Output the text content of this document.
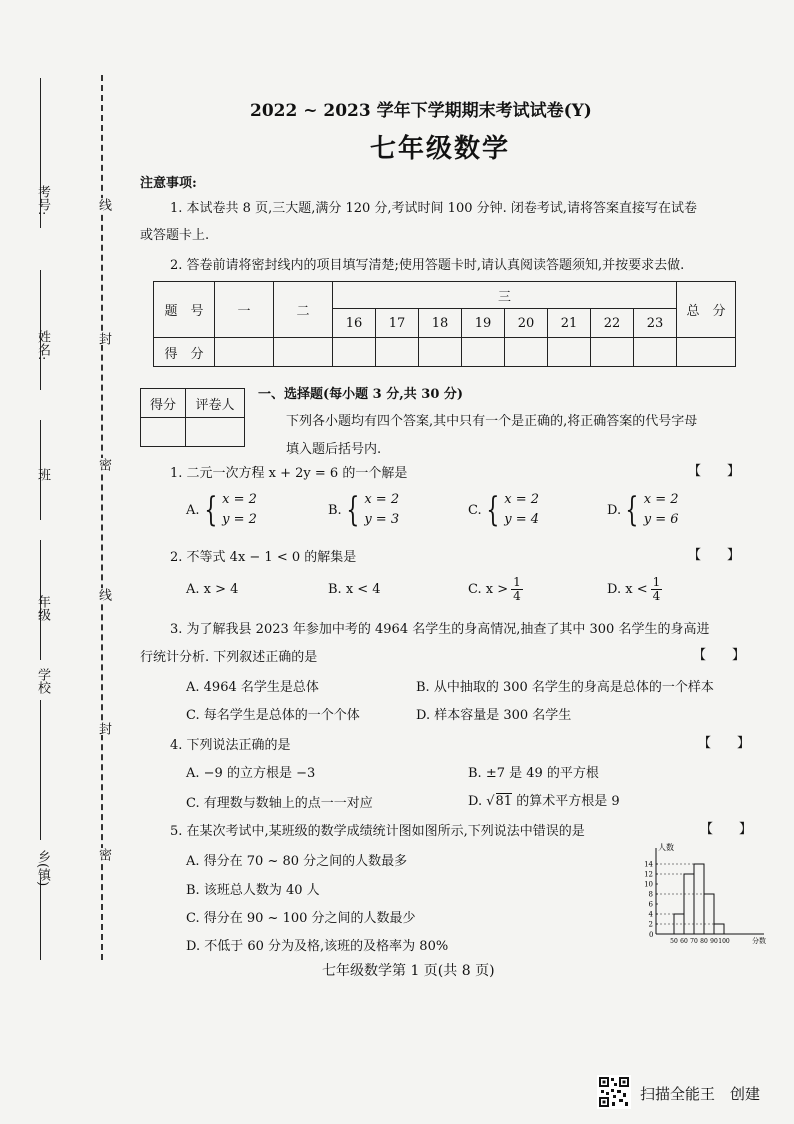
考号:
姓名:
班
年级
学校
乡(镇)
线
封
密
线
封
密
2022 ~ 2023 学年下学期期末考试试卷(Y)
七年级数学
注意事项:
1. 本试卷共 8 页,三大题,满分 120 分,考试时间 100 分钟. 闭卷考试,请将答案直接写在试卷
或答题卡上.
2. 答卷前请将密封线内的项目填写清楚;使用答题卡时,请认真阅读答题须知,并按要求去做.
题　号	一	二	三								总　分
			16	17	18	19	20	21	22	23	
得　分											
得分	评卷人

一、选择题(每小题 3 分,共 30 分)
下列各小题均有四个答案,其中只有一个是正确的,将正确答案的代号字母
填入题后括号内.
1. 二元一次方程 x + 2y = 6 的一个解是	【　　】
A. { x = 2
y = 2
B. { x = 2
y = 3
C. { x = 2
y = 4
D. { x = 2
y = 6
2. 不等式 4x − 1 < 0 的解集是	【　　】
A. x > 4	B. x < 4	C. $x > \frac{1}{4}$	D. $x < \frac{1}{4}$
3. 为了解我县 2023 年参加中考的 4964 名学生的身高情况,抽查了其中 300 名学生的身高进
行统计分析. 下列叙述正确的是	【　　】
A. 4964 名学生是总体	B. 从中抽取的 300 名学生的身高是总体的一个样本
C. 每名学生是总体的一个个体	D. 样本容量是 300 名学生
4. 下列说法正确的是	【　　】
A. −9 的立方根是 −3	B. ±7 是 49 的平方根
C. 有理数与数轴上的点一一对应	D. √81 的算术平方根是 9
5. 在某次考试中,某班级的数学成绩统计图如图所示,下列说法中错误的是	【　　】
A. 得分在 70 ~ 80 分之间的人数最多
B. 该班总人数为 40 人
C. 得分在 90 ~ 100 分之间的人数最少
D. 不低于 60 分为及格,该班的及格率为 80%
人数
分数
0
2
4
6
8
10
12
14
50 60 70 80 90 100
七年级数学第 1 页(共 8 页)
扫描全能王　创建
